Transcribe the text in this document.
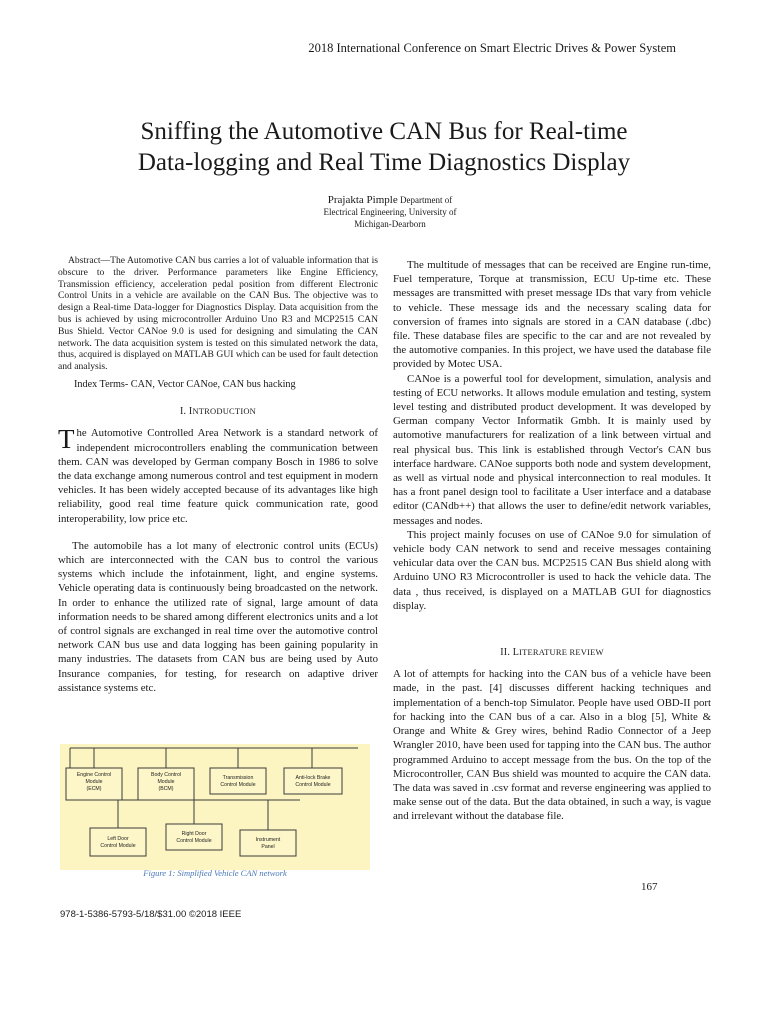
2018 International Conference on Smart Electric Drives & Power System
Sniffing the Automotive CAN Bus for Real-time
Data-logging and Real Time Diagnostics Display
Prajakta Pimple Department of
Electrical Engineering, University of
Michigan-Dearborn

Abstract—The Automotive CAN bus carries a lot of valuable information that is obscure to the driver. Performance parameters like Engine Efficiency, Transmission efficiency, acceleration pedal position from different Electronic Control Units in a vehicle are available on the CAN Bus. The objective was to design a Real-time Data-logger for Diagnostics Display. Data acquisition from the bus is achieved by using microcontroller Arduino Uno R3 and MCP2515 CAN Bus Shield. Vector CANoe 9.0 is used for designing and simulating the CAN network. The data acquisition system is tested on this simulated network the data, thus, acquired is displayed on MATLAB GUI which can be used for fault detection and analysis.

Index Terms- CAN, Vector CANoe, CAN bus hacking

I. INTRODUCTION

The Automotive Controlled Area Network is a standard network of independent microcontrollers enabling the communication between them. CAN was developed by German company Bosch in 1986 to solve the data exchange among numerous control and test equipment in modern vehicles. It has been widely accepted because of its advantages like high reliability, good real time feature quick communication rate, good interoperability, low price etc.

The automobile has a lot many of electronic control units (ECUs) which are interconnected with the CAN bus to control the various systems which include the infotainment, light, and engine systems. Vehicle operating data is continuously being broadcasted on the network. In order to enhance the utilized rate of signal, large amount of data information needs to be shared among different electronics units and a lot of control signals are exchanged in real time over the automotive control network CAN bus use and data logging has been gaining popularity in many industries. The datasets from CAN bus are being used by Auto Insurance companies, for testing, for research on adaptive driver assistance systems etc.

Engine Control
Module
(ECM)
Body Control
Module
(BCM)
Transmission
Control Module
Anti-lock Brake
Control Module
Left Door
Control Module
Right Door
Control Module	Instrument
Panel
Figure 1: Simplified Vehicle CAN network

The multitude of messages that can be received are Engine run-time, Fuel temperature, Torque at transmission, ECU Up-time etc. These messages are transmitted with preset message IDs that vary from vehicle to vehicle. These message ids and the necessary scaling data for conversion of frames into signals are stored in a CAN database (.dbc) file. These database files are specific to the car and are not revealed by the automotive companies. In this project, we have used the database file provided by Motec USA.

CANoe is a powerful tool for development, simulation, analysis and testing of ECU networks. It allows module emulation and testing, system level testing and distributed product development. It was developed by German company Vector Informatik Gmbh. It is mainly used by automotive manufacturers for realization of a link between virtual and real physical bus. This link is established through Vector's CAN bus interface hardware. CANoe supports both node and system development, as well as virtual node and physical interconnection to real modules. It has a front panel design tool to facilitate a User interface and a database editor (CANdb++) that allows the user to define/edit network variables, messages and nodes.

This project mainly focuses on use of CANoe 9.0 for simulation of vehicle body CAN network to send and receive messages containing vehicular data over the CAN bus. MCP2515 CAN Bus shield along with Arduino UNO R3 Microcontroller is used to hack the vehicle data. The data , thus received, is displayed on a MATLAB GUI for diagnostics display.

II. LITERATURE REVIEW

A lot of attempts for hacking into the CAN bus of a vehicle have been made, in the past. [4] discusses different hacking techniques and implementation of a bench-top Simulator. People have used OBD-II port for hacking into the CAN bus of a car. Also in a blog [5], White & Orange and White & Grey wires, behind Radio Connector of a Jeep Wrangler 2010, have been used for tapping into the CAN bus. The author programmed Arduino to accept message from the bus. On the top of the Microcontroller, CAN Bus shield was mounted to acquire the CAN data. The data was saved in .csv format and reverse engineering was applied to make sense out of the data. But the data obtained, in such a way, is vague and irrelevant without the database file.

167
978-1-5386-5793-5/18/$31.00 ©2018 IEEE
